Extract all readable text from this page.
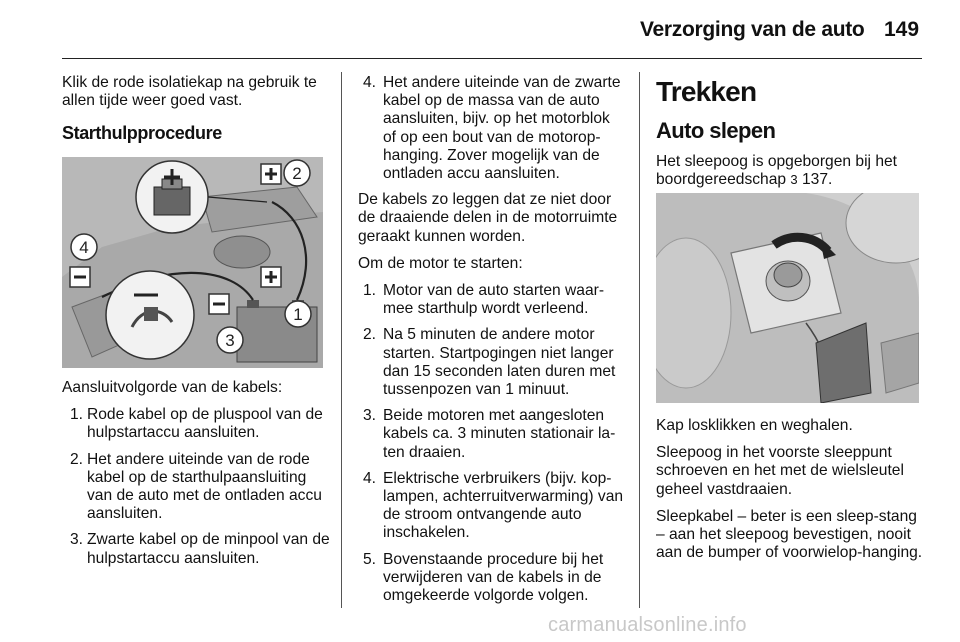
Verzorging van de auto 149

Klik de rode isolatiekap na gebruik te allen tijde weer goed vast.

Starthulpprocedure

2
1
3
4

Aansluitvolgorde van de kabels:

1. Rode kabel op de pluspool van de hulpstartaccu aansluiten.
2. Het andere uiteinde van de rode kabel op de starthulpaansluiting van de auto met de ontladen accu aansluiten.
3. Zwarte kabel op de minpool van de hulpstartaccu aansluiten.
4. Het andere uiteinde van de zwarte kabel op de massa van de auto aansluiten, bijv. op het motorblok of op een bout van de motorop-hanging. Zover mogelijk van de ontladen accu aansluiten.

De kabels zo leggen dat ze niet door de draaiende delen in de motorruimte geraakt kunnen worden.

Om de motor te starten:

1. Motor van de auto starten waar-mee starthulp wordt verleend.
2. Na 5 minuten de andere motor starten. Startpogingen niet langer dan 15 seconden laten duren met tussenpozen van 1 minuut.
3. Beide motoren met aangesloten kabels ca. 3 minuten stationair la-ten draaien.
4. Elektrische verbruikers (bijv. kop-lampen, achterruitverwarming) van de stroom ontvangende auto inschakelen.
5. Bovenstaande procedure bij het verwijderen van de kabels in de omgekeerde volgorde volgen.

Trekken

Auto slepen

Het sleepoog is opgeborgen bij het boordgereedschap 3 137.

Kap losklikken en weghalen.

Sleepoog in het voorste sleeppunt schroeven en het met de wielsleutel geheel vastdraaien.

Sleepkabel – beter is een sleep-stang – aan het sleepoog bevestigen, nooit aan de bumper of voorwielop-hanging.

carmanualsonline.info
